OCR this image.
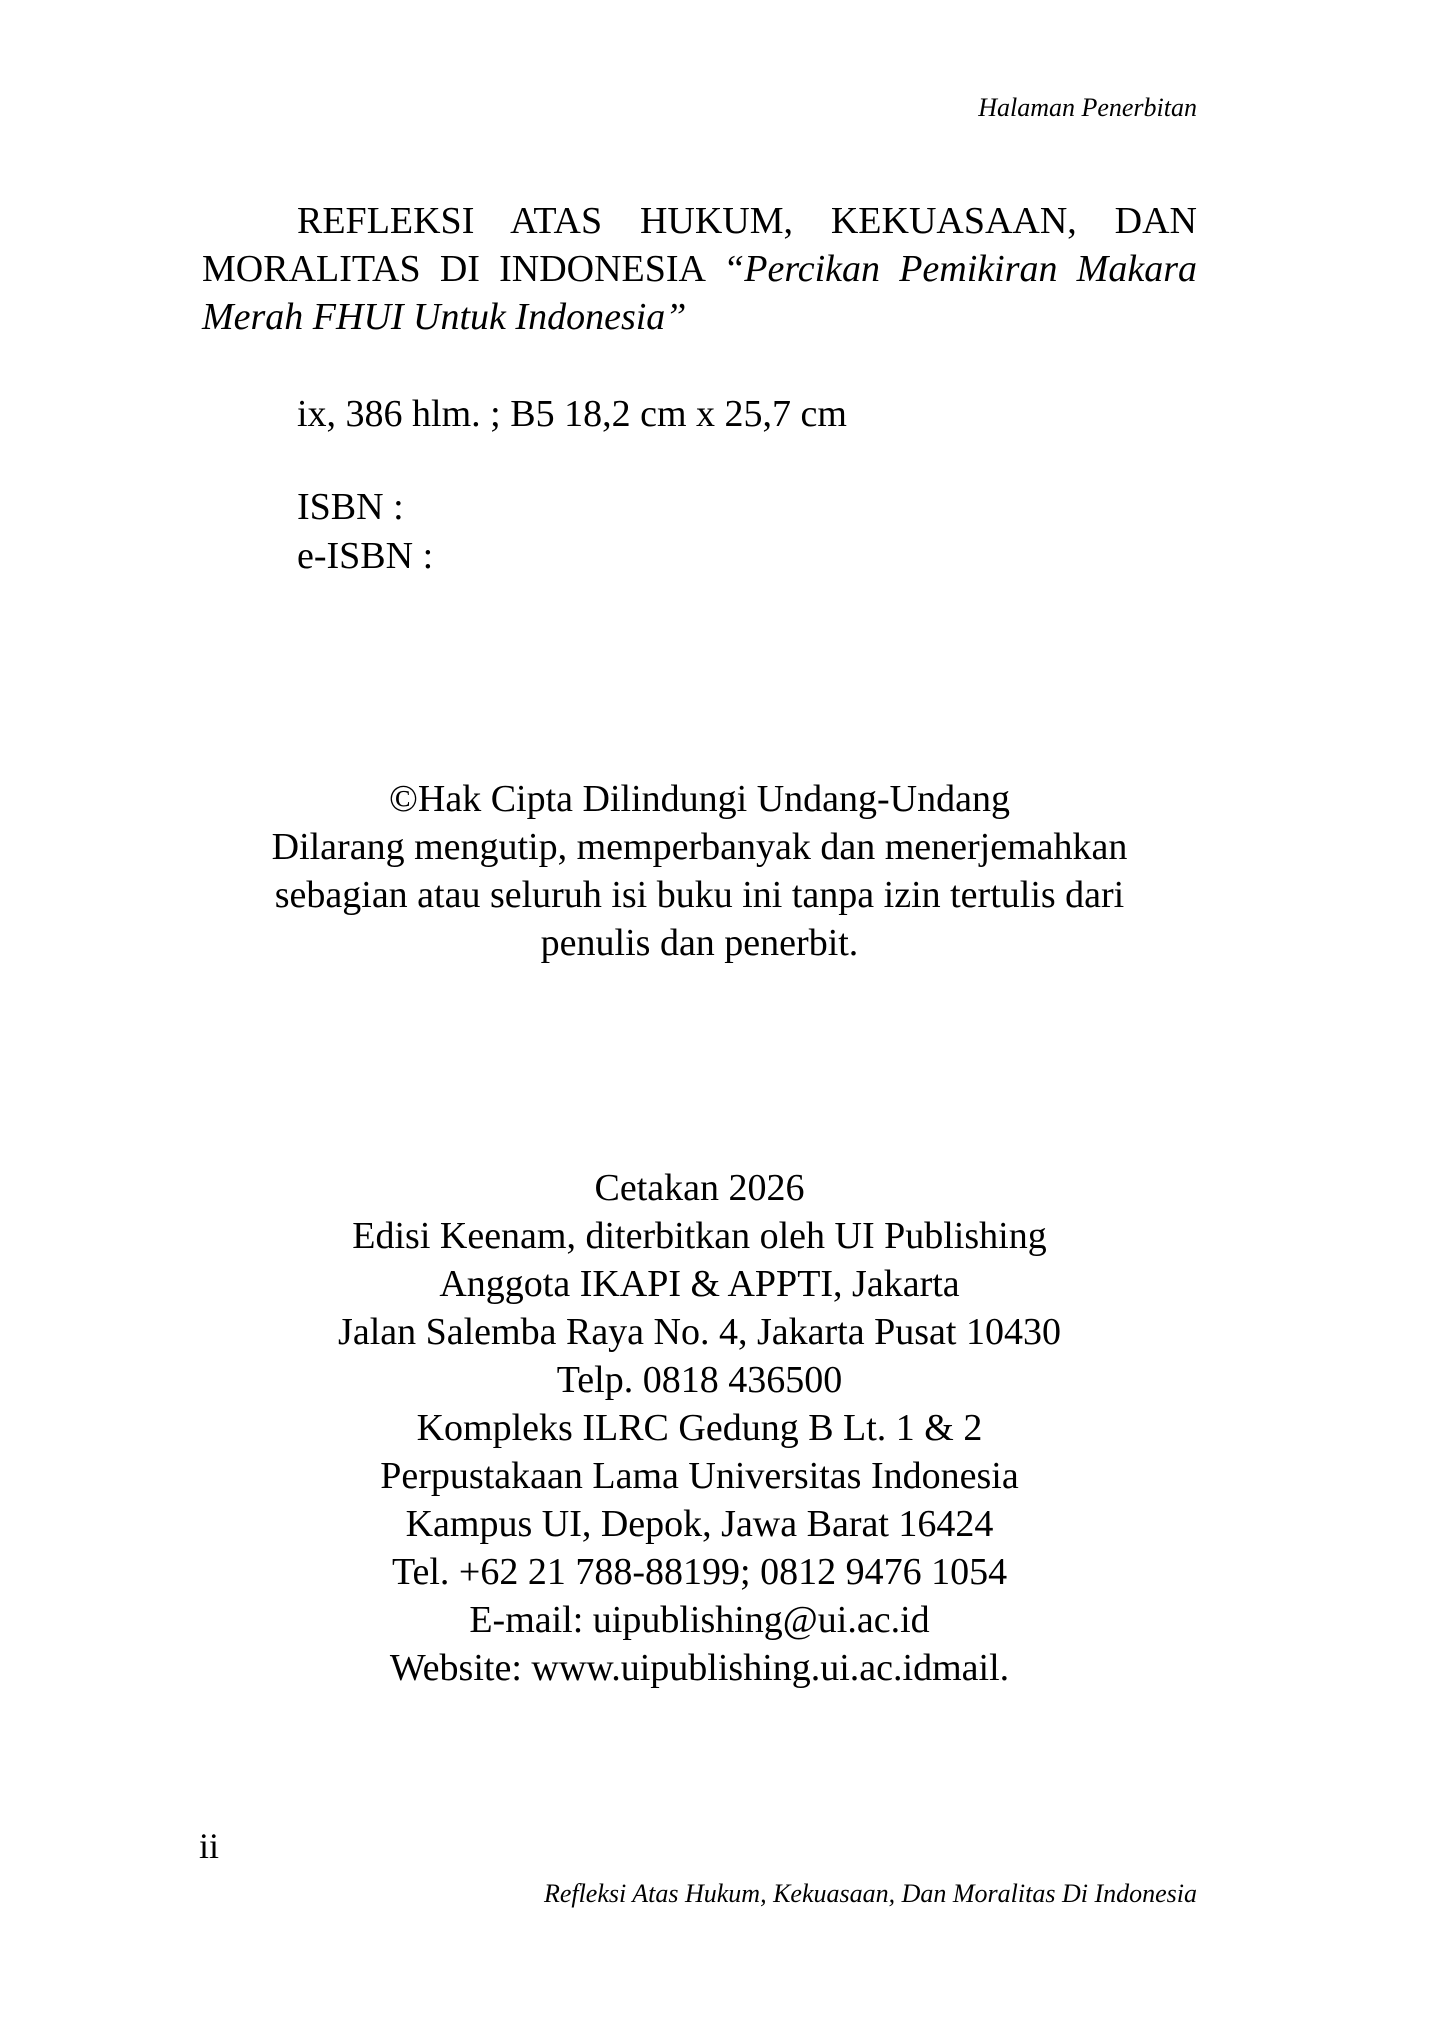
Halaman Penerbitan
REFLEKSI ATAS HUKUM, KEKUASAAN, DAN
MORALITAS DI INDONESIA “Percikan Pemikiran Makara
Merah FHUI Untuk Indonesia”
ix, 386 hlm. ; B5 18,2 cm x 25,7 cm
ISBN :
e-ISBN :
©Hak Cipta Dilindungi Undang-Undang
Dilarang mengutip, memperbanyak dan menerjemahkan
sebagian atau seluruh isi buku ini tanpa izin tertulis dari
penulis dan penerbit.
Cetakan 2026
Edisi Keenam, diterbitkan oleh UI Publishing
Anggota IKAPI & APPTI, Jakarta
Jalan Salemba Raya No. 4, Jakarta Pusat 10430
Telp. 0818 436500
Kompleks ILRC Gedung B Lt. 1 & 2
Perpustakaan Lama Universitas Indonesia
Kampus UI, Depok, Jawa Barat 16424
Tel. +62 21 788-88199; 0812 9476 1054
E-mail: uipublishing@ui.ac.id
Website: www.uipublishing.ui.ac.idmail.
ii
Refleksi Atas Hukum, Kekuasaan, Dan Moralitas Di Indonesia
